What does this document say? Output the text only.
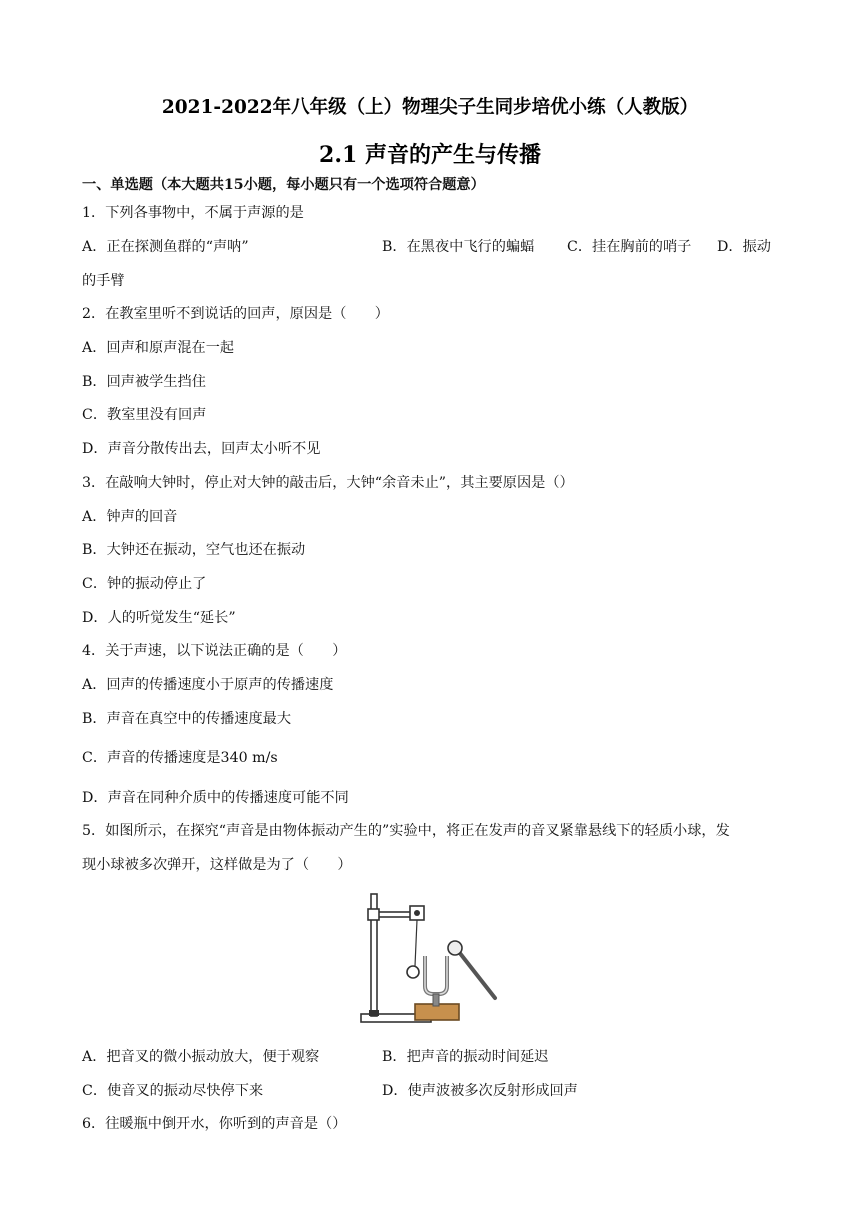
2021-2022年八年级（上）物理尖子生同步培优小练（人教版）
2.1 声音的产生与传播
一、单选题（本大题共15小题，每小题只有一个选项符合题意）
1．下列各事物中，不属于声源的是
A．正在探测鱼群的“声呐”	B．在黑夜中飞行的蝙蝠 C．挂在胸前的哨子 D．振动
的手臂
2．在教室里听不到说话的回声，原因是（　　）
A．回声和原声混在一起
B．回声被学生挡住
C．教室里没有回声
D．声音分散传出去，回声太小听不见
3．在敲响大钟时，停止对大钟的敲击后，大钟“余音未止”，其主要原因是（）
A．钟声的回音
B．大钟还在振动，空气也还在振动
C．钟的振动停止了
D．人的听觉发生“延长”
4．关于声速，以下说法正确的是（　　）
A．回声的传播速度小于原声的传播速度
B．声音在真空中的传播速度最大
C．声音的传播速度是340 m/s
D．声音在同种介质中的传播速度可能不同
5．如图所示，在探究“声音是由物体振动产生的”实验中，将正在发声的音叉紧靠悬线下的轻质小球，发
现小球被多次弹开，这样做是为了（　　）
A．把音叉的微小振动放大，便于观察	B．把声音的振动时间延迟
C．使音叉的振动尽快停下来	D．使声波被多次反射形成回声
6．往暖瓶中倒开水，你听到的声音是（）
